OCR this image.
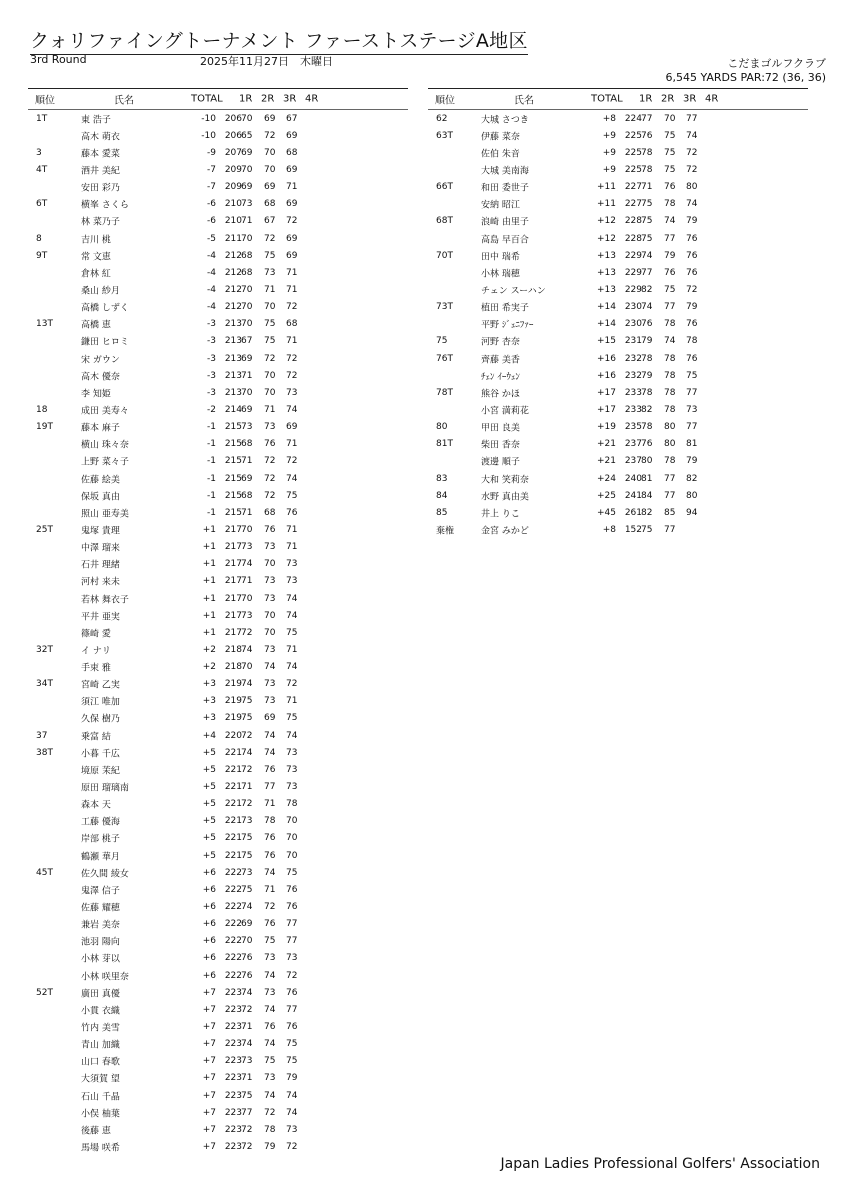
クォリファイングトーナメント ファーストステージA地区
3rd Round	2025年11月27日　木曜日	こだまゴルフクラブ
6,545 YARDS PAR:72 (36, 36)
順位	氏名	TOTAL 1R 2R 3R 4R
1T	東 浩子	-10 206 70 69 67
高木 萌衣	-10 206 65 72 69
3	藤本 愛菜	-9 207 69 70 68
4T	酒井 美紀	-7 209 70 70 69
安田 彩乃	-7 209 69 69 71
6T	横峯 さくら	-6 210 73 68 69
林 菜乃子	-6 210 71 67 72
8	吉川 桃	-5 211 70 72 69
9T	常 文恵	-4 212 68 75 69
倉林 紅	-4 212 68 73 71
桑山 紗月	-4 212 70 71 71
高橋 しずく	-4 212 70 70 72
13T	高橋 恵	-3 213 70 75 68
鎌田 ヒロミ	-3 213 67 75 71
宋 ガウン	-3 213 69 72 72
高木 優奈	-3 213 71 70 72
李 知姫	-3 213 70 70 73
18	成田 美寿々	-2 214 69 71 74
19T	藤本 麻子	-1 215 73 73 69
横山 珠々奈	-1 215 68 76 71
上野 菜々子	-1 215 71 72 72
佐藤 絵美	-1 215 69 72 74
保坂 真由	-1 215 68 72 75
照山 亜寿美	-1 215 71 68 76
25T	鬼塚 貴理	+1 217 70 76 71
中澤 瑠来	+1 217 73 73 71
石井 理緒	+1 217 74 70 73
河村 来未	+1 217 71 73 73
若林 舞衣子	+1 217 70 73 74
平井 亜実	+1 217 73 70 74
篠崎 愛	+1 217 72 70 75
32T	イ ナリ	+2 218 74 73 71
手束 雅	+2 218 70 74 74
34T	宮崎 乙実	+3 219 74 73 72
須江 唯加	+3 219 75 73 71
久保 樹乃	+3 219 75 69 75
37	乗富 結	+4 220 72 74 74
38T	小暮 千広	+5 221 74 74 73
境原 茉紀	+5 221 72 76 73
原田 瑠璃南	+5 221 71 77 73
森本 天	+5 221 72 71 78
工藤 優海	+5 221 73 78 70
岸部 桃子	+5 221 75 76 70
鶴瀬 華月	+5 221 75 76 70
45T	佐久間 綾女	+6 222 73 74 75
鬼澤 信子	+6 222 75 71 76
佐藤 耀穂	+6 222 74 72 76
兼岩 美奈	+6 222 69 76 77
池羽 陽向	+6 222 70 75 77
小林 芽以	+6 222 76 73 73
小林 咲里奈	+6 222 76 74 72
52T	廣田 真優	+7 223 74 73 76
小貫 衣織	+7 223 72 74 77
竹内 美雪	+7 223 71 76 76
青山 加織	+7 223 74 74 75
山口 春歌	+7 223 73 75 75
大須賀 望	+7 223 71 73 79
石山 千晶	+7 223 75 74 74
小俣 柚葉	+7 223 77 72 74
後藤 恵	+7 223 72 78 73
馬場 咲希	+7 223 72 79 72
順位	氏名	TOTAL 1R 2R 3R 4R
62	大城 さつき	+8 224 77 70 77
63T	伊藤 菜奈	+9 225 76 75 74
佐伯 朱音	+9 225 78 75 72
大城 美南海	+9 225 78 75 72
66T	和田 委世子	+11 227 71 76 80
安納 昭江	+11 227 75 78 74
68T	浪崎 由里子	+12 228 75 74 79
高島 早百合	+12 228 75 77 76
70T	田中 瑞希	+13 229 74 79 76
小林 瑞穂	+13 229 77 76 76
チェン スーハン	+13 229 82 75 72
73T	植田 希実子	+14 230 74 77 79
平野 ｼﾞｪﾆﾌｧｰ	+14 230 76 78 76
75	河野 杏奈	+15 231 79 74 78
76T	齊藤 美香	+16 232 78 78 76
ﾁｪﾝ ｲｰｳｪﾝ	+16 232 79 78 75
78T	熊谷 かほ	+17 233 78 78 77
小宮 満莉花	+17 233 82 78 73
80	甲田 良美	+19 235 78 80 77
81T	柴田 香奈	+21 237 76 80 81
渡邊 順子	+21 237 80 78 79
83	大和 笑莉奈	+24 240 81 77 82
84	水野 真由美	+25 241 84 77 80
85	井上 りこ	+45 261 82 85 94
棄権	金宮 みかど	+8 152 75 77
Japan Ladies Professional Golfers' Association
